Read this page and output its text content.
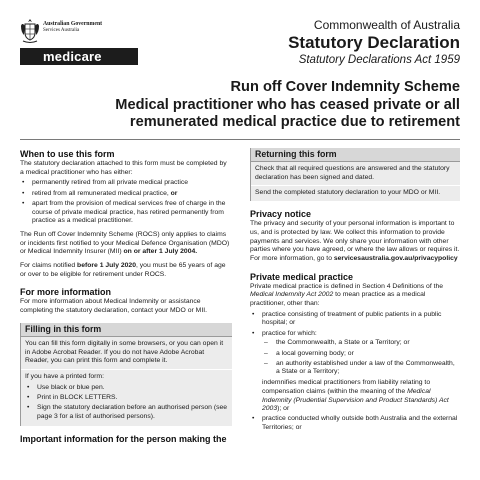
Australian Government
Services Australia
medicare
Commonwealth of Australia
Statutory Declaration
Statutory Declarations Act 1959
Run off Cover Indemnity Scheme
Medical practitioner who has ceased private or all
remunerated medical practice due to retirement
When to use this form

The statutory declaration attached to this form must be completed by a medical practitioner who has either:

• permanently retired from all private medical practice
• retired from all remunerated medical practice, or
• apart from the provision of medical services free of charge in the course of private medical practice, has retired permanently from practice as a medical practitioner.

The Run off Cover Indemnity Scheme (ROCS) only applies to claims or incidents first notified to your Medical Defence Organisation (MDO) or Medical Indemnity Insurer (MII) on or after 1 July 2004.

For claims notified before 1 July 2020, you must be 65 years of age or over to be eligible for retirement under ROCS.

For more information

For more information about Medical Indemnity or assistance completing the statutory declaration, contact your MDO or MII.

Filling in this form

You can fill this form digitally in some browsers, or you can open it in Adobe Acrobat Reader. If you do not have Adobe Acrobat Reader, you can print this form and complete it.

If you have a printed form:

• Use black or blue pen.
• Print in BLOCK LETTERS.
• Sign the statutory declaration before an authorised person (see page 3 for a list of authorised persons).
Important information for the person making the
Returning this form

Check that all required questions are answered and the statutory declaration has been signed and dated.

Send the completed statutory declaration to your MDO or MII.

Privacy notice

The privacy and security of your personal information is important to us, and is protected by law. We collect this information to provide payments and services. We only share your information with other parties where you have agreed, or where the law allows or requires it. For more information, go to servicesaustralia.gov.au/privacypolicy

Private medical practice

Private medical practice is defined in Section 4 Definitions of the Medical Indemnity Act 2002 to mean practice as a medical practitioner, other than:

• practice consisting of treatment of public patients in a public hospital; or
• practice for which:
– the Commonwealth, a State or a Territory; or
– a local governing body; or
– an authority established under a law of the Commonwealth, a State or a Territory;

indemnifies medical practitioners from liability relating to compensation claims (within the meaning of the Medical Indemnity (Prudential Supervision and Product Standards) Act 2003); or

• practice conducted wholly outside both Australia and the external Territories; or
